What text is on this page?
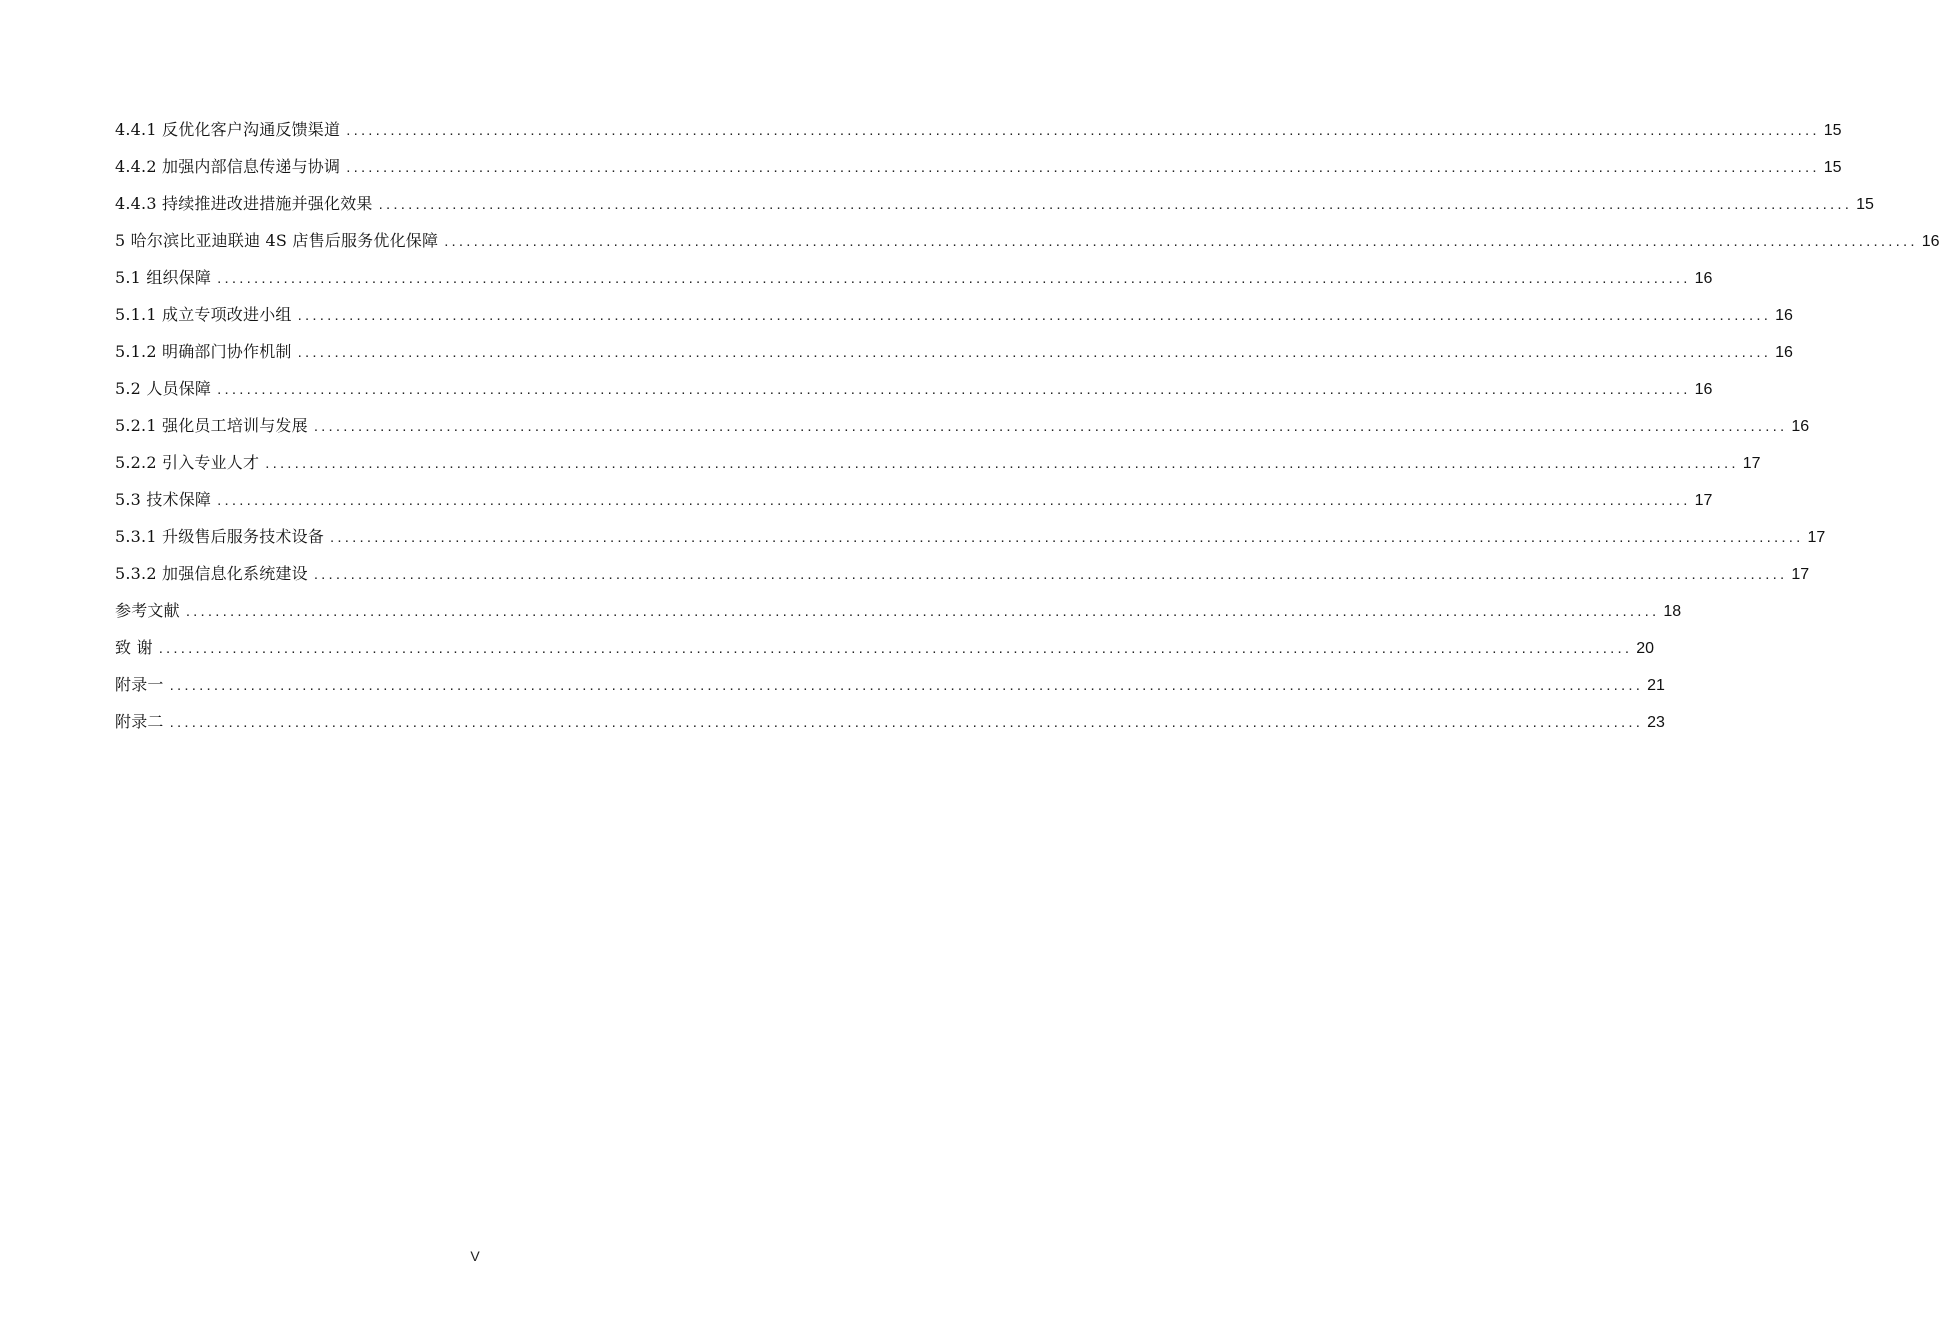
4.4.1 反优化客户沟通反馈渠道 ........................................................................................................................................................................................................ 15
4.4.2 加强内部信息传递与协调 ........................................................................................................................................................................................................ 15
4.4.3 持续推进改进措施并强化效果 ........................................................................................................................................................................................................ 15
5 哈尔滨比亚迪联迪 4S 店售后服务优化保障 ........................................................................................................................................................................................................ 16
5.1 组织保障 ........................................................................................................................................................................................................ 16
5.1.1 成立专项改进小组 ........................................................................................................................................................................................................ 16
5.1.2 明确部门协作机制 ........................................................................................................................................................................................................ 16
5.2 人员保障 ........................................................................................................................................................................................................ 16
5.2.1 强化员工培训与发展 ........................................................................................................................................................................................................ 16
5.2.2 引入专业人才 ........................................................................................................................................................................................................ 17
5.3 技术保障 ........................................................................................................................................................................................................ 17
5.3.1 升级售后服务技术设备 ........................................................................................................................................................................................................ 17
5.3.2 加强信息化系统建设 ........................................................................................................................................................................................................ 17
参考文献 ........................................................................................................................................................................................................ 18
致 谢 ........................................................................................................................................................................................................ 20
附录一 ........................................................................................................................................................................................................ 21
附录二 ........................................................................................................................................................................................................ 23
V
